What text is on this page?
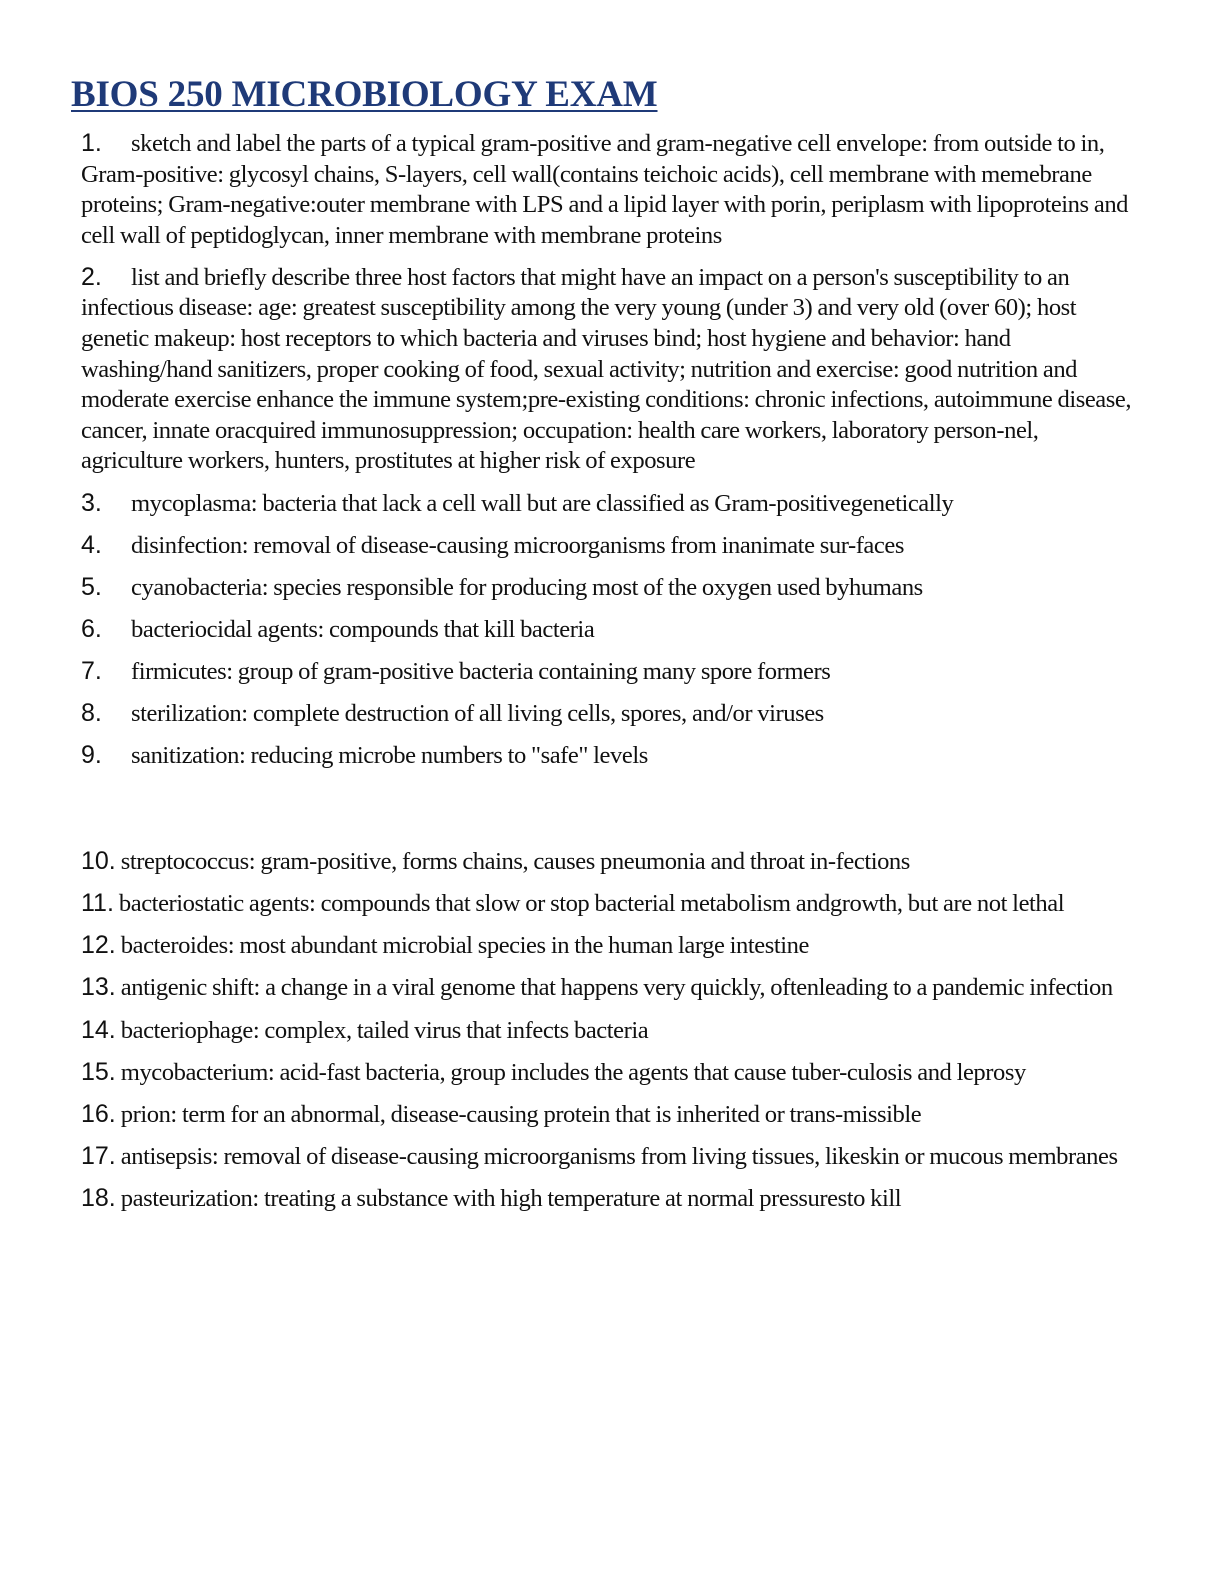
BIOS 250 MICROBIOLOGY EXAM
1. sketch and label the parts of a typical gram-positive and gram-negative cell envelope: from outside to in, Gram-positive: glycosyl chains, S-layers, cell wall(contains teichoic acids), cell membrane with memebrane proteins; Gram-negative:outer membrane with LPS and a lipid layer with porin, periplasm with lipoproteins and cell wall of peptidoglycan, inner membrane with membrane proteins
2. list and briefly describe three host factors that might have an impact on a person's susceptibility to an infectious disease: age: greatest susceptibility among the very young (under 3) and very old (over 60); host genetic makeup: host receptors to which bacteria and viruses bind; host hygiene and behavior: hand washing/hand sanitizers, proper cooking of food, sexual activity; nutrition and exercise: good nutrition and moderate exercise enhance the immune system;pre-existing conditions: chronic infections, autoimmune disease, cancer, innate oracquired immunosuppression; occupation: health care workers, laboratory person-nel, agriculture workers, hunters, prostitutes at higher risk of exposure
3. mycoplasma: bacteria that lack a cell wall but are classified as Gram-positivegenetically
4. disinfection: removal of disease-causing microorganisms from inanimate sur-faces
5. cyanobacteria: species responsible for producing most of the oxygen used byhumans
6. bacteriocidal agents: compounds that kill bacteria
7. firmicutes: group of gram-positive bacteria containing many spore formers
8. sterilization: complete destruction of all living cells, spores, and/or viruses
9. sanitization: reducing microbe numbers to "safe" levels
10. streptococcus: gram-positive, forms chains, causes pneumonia and throat in-fections
11. bacteriostatic agents: compounds that slow or stop bacterial metabolism andgrowth, but are not lethal
12. bacteroides: most abundant microbial species in the human large intestine
13. antigenic shift: a change in a viral genome that happens very quickly, oftenleading to a pandemic infection
14. bacteriophage: complex, tailed virus that infects bacteria
15. mycobacterium: acid-fast bacteria, group includes the agents that cause tuber-culosis and leprosy
16. prion: term for an abnormal, disease-causing protein that is inherited or trans-missible
17. antisepsis: removal of disease-causing microorganisms from living tissues, likeskin or mucous membranes
18. pasteurization: treating a substance with high temperature at normal pressuresto kill
